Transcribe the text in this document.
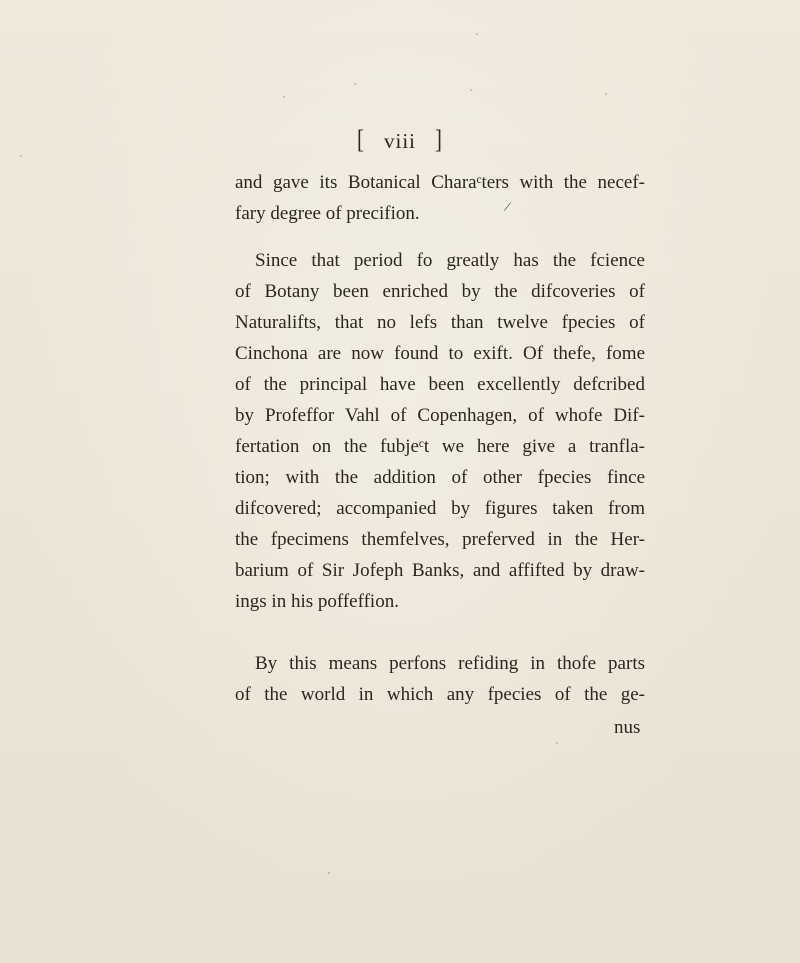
[ viii ]
/
and gave its Botanical Charaᶜters with the necef-
fary degree of precifion.
Since that period fo greatly has the fcience
of Botany been enriched by the difcoveries of
Naturalifts, that no lefs than twelve fpecies of
Cinchona are now found to exift. Of thefe, fome
of the principal have been excellently defcribed
by Profeffor Vahl of Copenhagen, of whofe Dif-
fertation on the fubjeᶜt we here give a tranfla-
tion; with the addition of other fpecies fince
difcovered; accompanied by figures taken from
the fpecimens themfelves, preferved in the Her-
barium of Sir Jofeph Banks, and affifted by draw-
ings in his poffeffion.
By this means perfons refiding in thofe parts
of the world in which any fpecies of the ge-
nus
